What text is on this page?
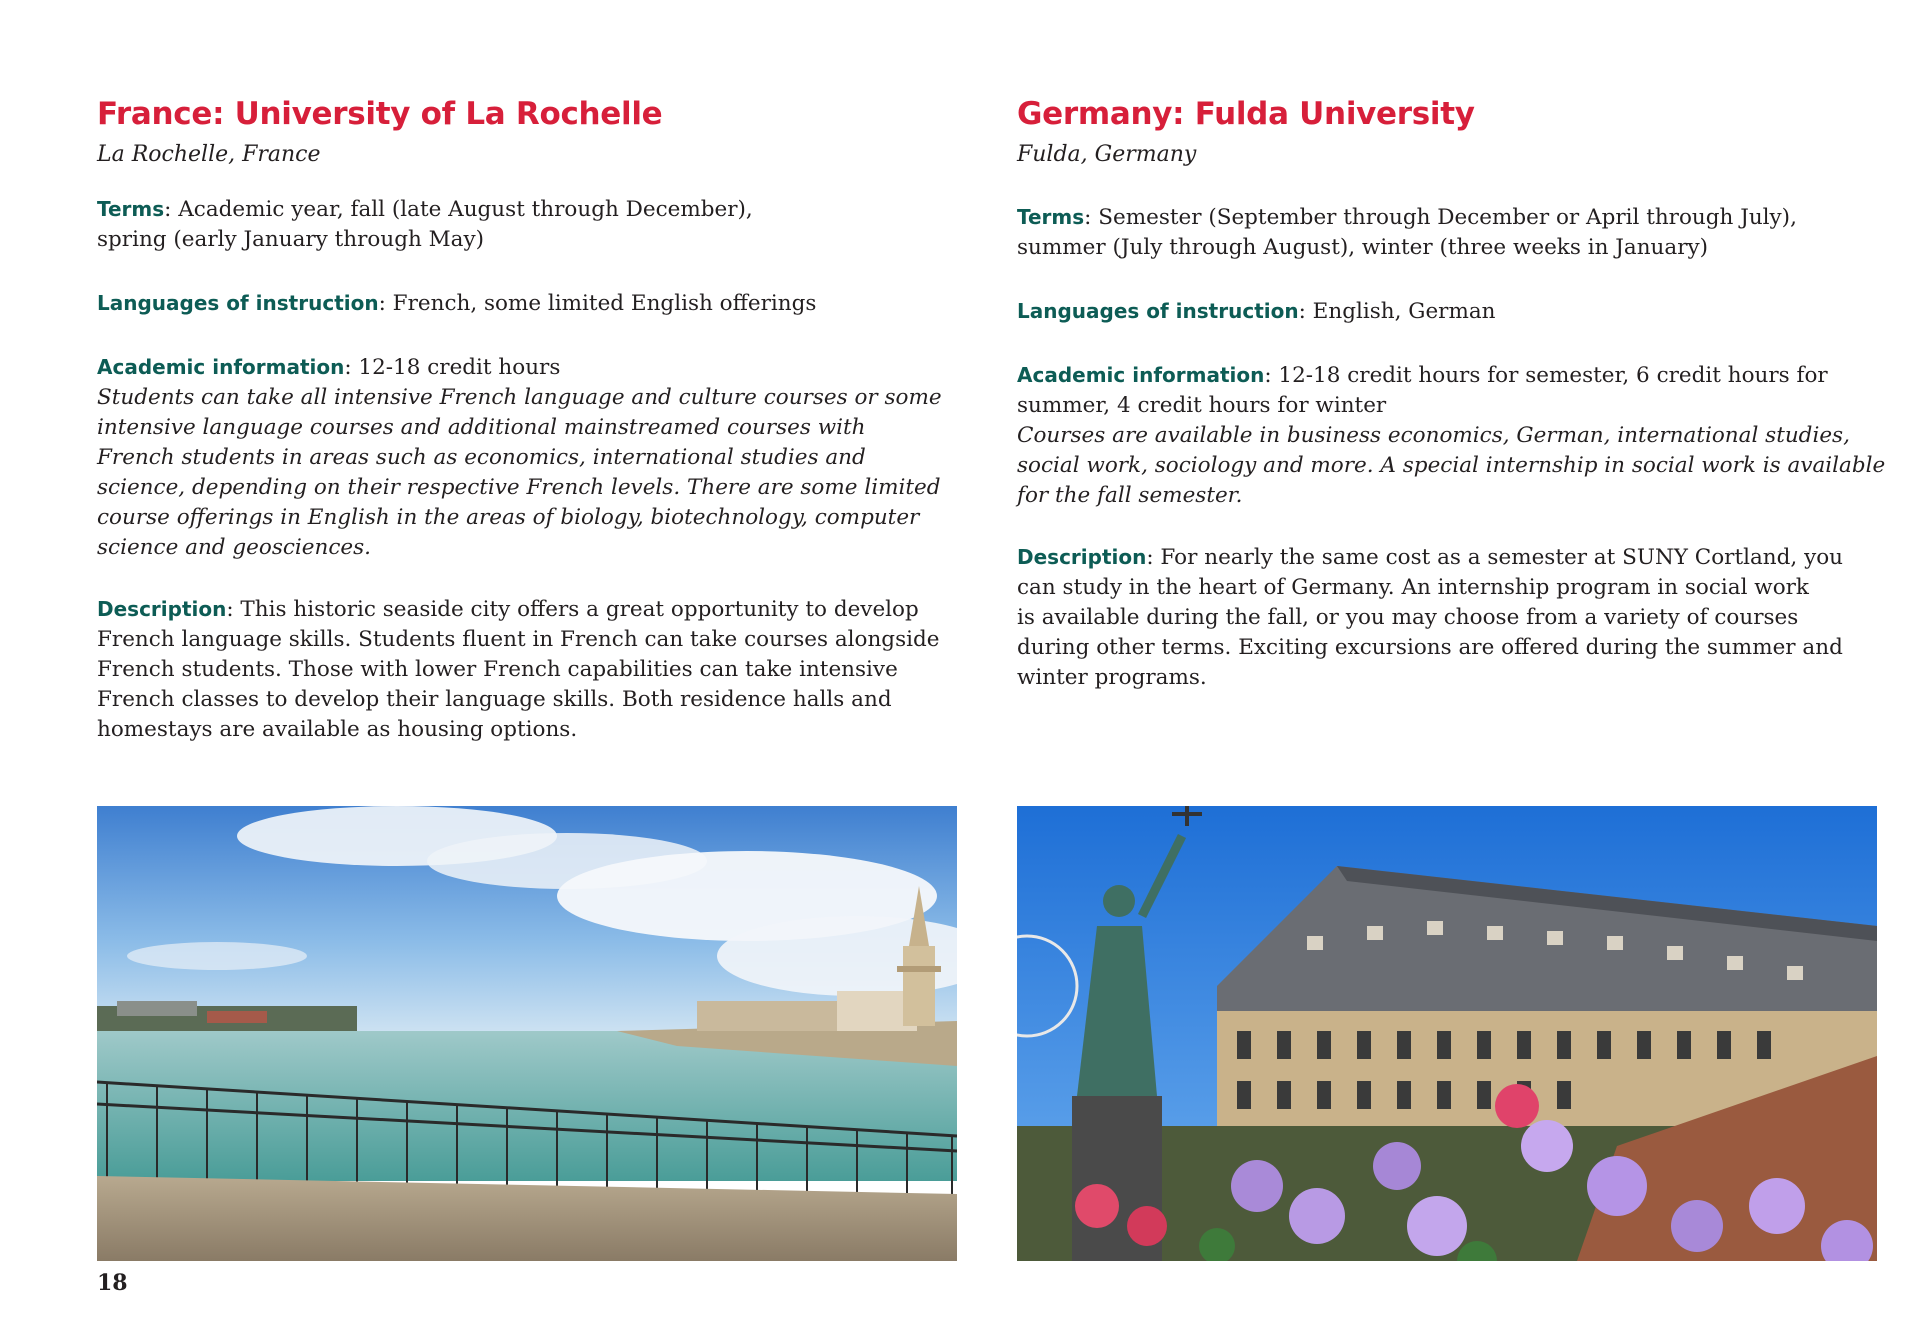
France: University of La Rochelle

La Rochelle, France

Terms: Academic year, fall (late August through December),
spring (early January through May)

Languages of instruction: French, some limited English offerings

Academic information: 12-18 credit hours

Students can take all intensive French language and culture courses or some
intensive language courses and additional mainstreamed courses with
French students in areas such as economics, international studies and
science, depending on their respective French levels. There are some limited
course offerings in English in the areas of biology, biotechnology, computer
science and geosciences.

Description: This historic seaside city offers a great opportunity to develop
French language skills. Students fluent in French can take courses alongside
French students. Those with lower French capabilities can take intensive
French classes to develop their language skills. Both residence halls and
homestays are available as housing options.

Germany: Fulda University

Fulda, Germany

Terms: Semester (September through December or April through July),
summer (July through August), winter (three weeks in January)

Languages of instruction: English, German

Academic information: 12-18 credit hours for semester, 6 credit hours for
summer, 4 credit hours for winter

Courses are available in business economics, German, international studies,
social work, sociology and more. A special internship in social work is available
for the fall semester.

Description: For nearly the same cost as a semester at SUNY Cortland, you
can study in the heart of Germany. An internship program in social work
is available during the fall, or you may choose from a variety of courses
during other terms. Exciting excursions are offered during the summer and
winter programs.

18
